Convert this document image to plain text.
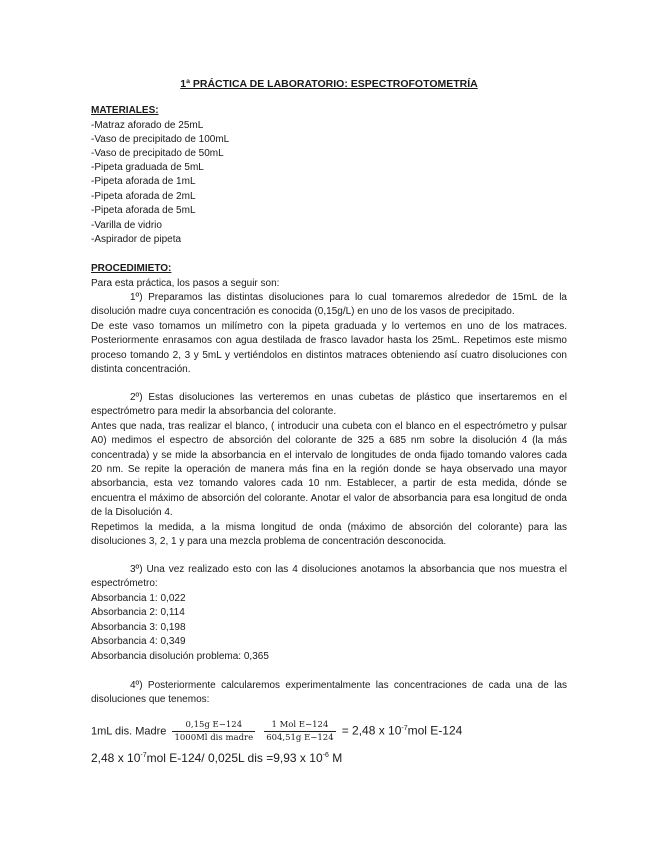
1ª PRÁCTICA DE LABORATORIO: ESPECTROFOTOMETRÍA
MATERIALES:
-Matraz aforado de 25mL
-Vaso de precipitado de 100mL
-Vaso de precipitado de 50mL
-Pipeta graduada de 5mL
-Pipeta aforada de 1mL
-Pipeta aforada de 2mL
-Pipeta aforada de 5mL
-Varilla de vidrio
-Aspirador de pipeta
PROCEDIMIETO:
Para esta práctica, los pasos a seguir son:
1º) Preparamos las distintas disoluciones para lo cual tomaremos alrededor de 15mL de la disolución madre cuya concentración es conocida (0,15g/L) en uno de los vasos de precipitado.
De este vaso tomamos un milímetro con la pipeta graduada y lo vertemos en uno de los matraces. Posteriormente enrasamos con agua destilada de frasco lavador hasta los 25mL. Repetimos este mismo proceso tomando 2, 3 y 5mL y vertiéndolos en distintos matraces obteniendo así cuatro disoluciones con distinta concentración.
2º) Estas disoluciones las verteremos en unas cubetas de plástico que insertaremos en el espectrómetro para medir la absorbancia del colorante.
Antes que nada, tras realizar el blanco, ( introducir una cubeta con el blanco en el espectrómetro y pulsar A0) medimos el espectro de absorción del colorante de 325 a 685 nm sobre la disolución 4 (la más concentrada) y se mide la absorbancia en el intervalo de longitudes de onda fijado tomando valores cada 20 nm. Se repite la operación de manera más fina en la región donde se haya observado una mayor absorbancia, esta vez tomando valores cada 10 nm. Establecer, a partir de esta medida, dónde se encuentra el máximo de absorción del colorante. Anotar el valor de absorbancia para esa longitud de onda de la Disolución 4.
Repetimos la medida, a la misma longitud de onda (máximo de absorción del colorante) para las disoluciones 3, 2, 1 y para una mezcla problema de concentración desconocida.
3º) Una vez realizado esto con las 4 disoluciones anotamos la absorbancia que nos muestra el espectrómetro:
Absorbancia 1: 0,022
Absorbancia 2: 0,114
Absorbancia 3: 0,198
Absorbancia 4: 0,349
Absorbancia disolución problema: 0,365
4º) Posteriormente calcularemos experimentalmente las concentraciones de cada una de las disoluciones que tenemos:
1mL dis. Madre $\frac{\text{0,15g E−124}}{\text{1000Ml dis madre}}$
$\frac{\text{1 Mol E−124}}{\text{604,51g E−124}} = 2,48$ x $10^{-7}mol$ E-124
2,48 x $10^{-7}mol$ E-124/ 0,025L dis =9,93 x $10^{-6}$ M
